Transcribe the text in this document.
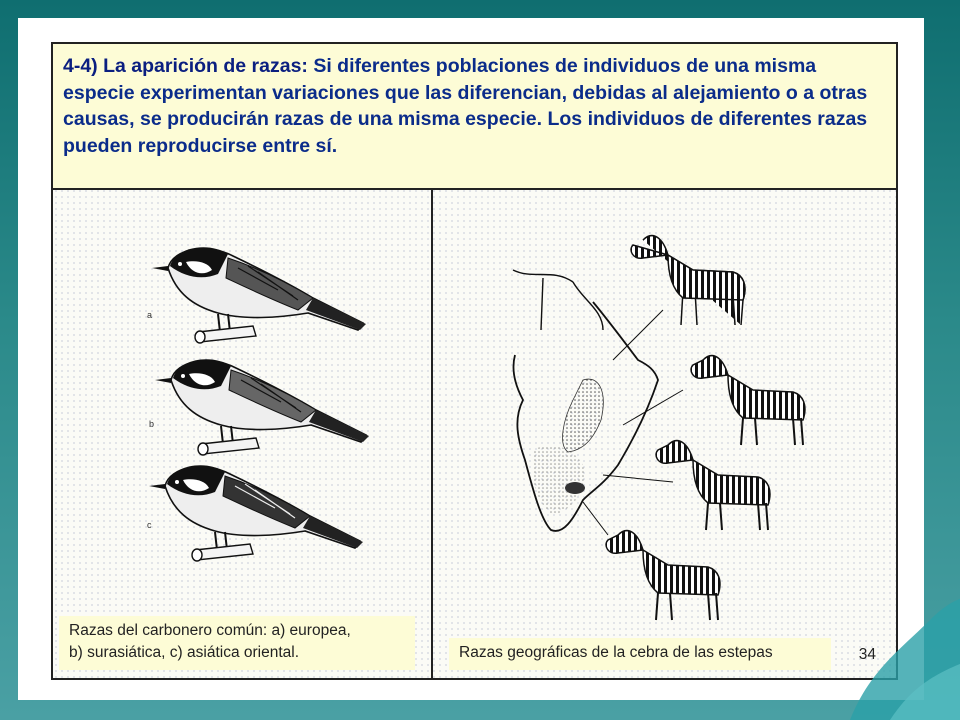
4-4) La aparición de razas: Si diferentes poblaciones de individuos de una misma especie experimentan variaciones que las diferencian, debidas al alejamiento o a otras causas, se producirán razas de una misma especie. Los individuos de diferentes razas pueden reproducirse entre sí.

a
b
c
Razas del carbonero común: a) europea,
b) surasiática, c) asiática oriental.	Razas geográficas de la cebra de las estepas	34
